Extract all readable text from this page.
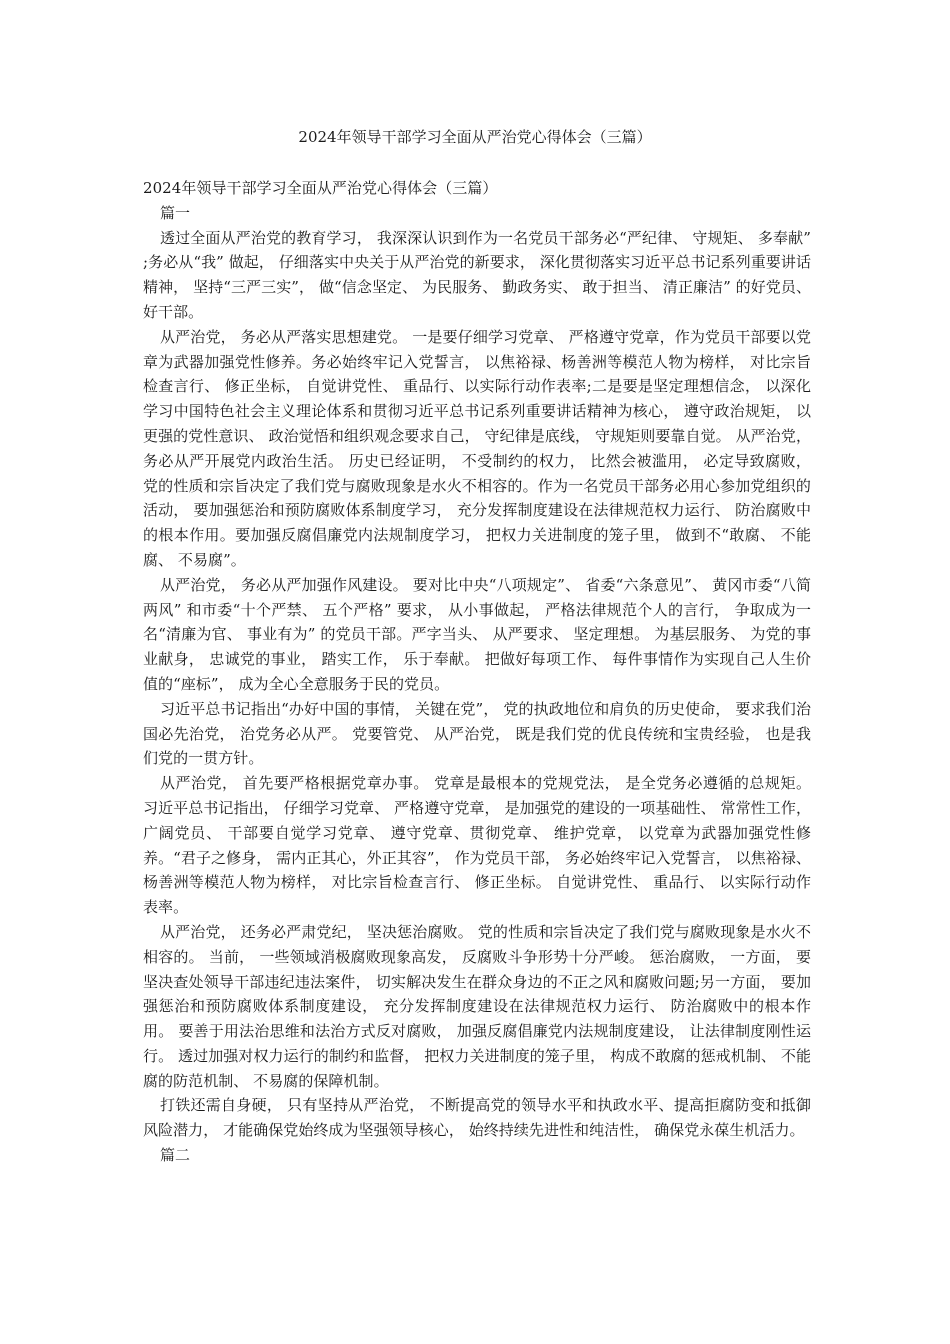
2024年领导干部学习全面从严治党心得体会（三篇）

2024年领导干部学习全面从严治党心得体会（三篇）

篇一

透过全面从严治党的教育学习， 我深深认识到作为一名党员干部务必“严纪律、 守规矩、 多奉献” ;务必从“我” 做起， 仔细落实中央关于从严治党的新要求， 深化贯彻落实习近平总书记系列重要讲话精神， 坚持“三严三实”， 做“信念坚定、 为民服务、 勤政务实、 敢于担当、 清正廉洁” 的好党员、 好干部。

从严治党， 务必从严落实思想建党。 一是要仔细学习党章、 严格遵守党章，作为党员干部要以党章为武器加强党性修养。务必始终牢记入党誓言， 以焦裕禄、杨善洲等模范人物为榜样， 对比宗旨检查言行、 修正坐标， 自觉讲党性、 重品行、以实际行动作表率;二是要是坚定理想信念， 以深化学习中国特色社会主义理论体系和贯彻习近平总书记系列重要讲话精神为核心， 遵守政治规矩， 以更强的党性意识、 政治觉悟和组织观念要求自己， 守纪律是底线， 守规矩则要靠自觉。 从严治党， 务必从严开展党内政治生活。 历史已经证明， 不受制约的权力， 比然会被滥用， 必定导致腐败， 党的性质和宗旨决定了我们党与腐败现象是水火不相容的。作为一名党员干部务必用心参加党组织的活动， 要加强惩治和预防腐败体系制度学习， 充分发挥制度建设在法律规范权力运行、 防治腐败中的根本作用。要加强反腐倡廉党内法规制度学习， 把权力关进制度的笼子里， 做到不“敢腐、 不能腐、 不易腐”。

从严治党， 务必从严加强作风建设。 要对比中央“八项规定”、 省委“六条意见”、 黄冈市委“八简两风” 和市委“十个严禁、 五个严格” 要求， 从小事做起， 严格法律规范个人的言行， 争取成为一名“清廉为官、 事业有为” 的党员干部。严字当头、 从严要求、 坚定理想。 为基层服务、 为党的事业献身， 忠诚党的事业， 踏实工作， 乐于奉献。 把做好每项工作、 每件事情作为实现自己人生价值的“座标”， 成为全心全意服务于民的党员。

习近平总书记指出“办好中国的事情， 关键在党”， 党的执政地位和肩负的历史使命， 要求我们治国必先治党， 治党务必从严。 党要管党、 从严治党， 既是我们党的优良传统和宝贵经验， 也是我们党的一贯方针。

从严治党， 首先要严格根据党章办事。 党章是最根本的党规党法， 是全党务必遵循的总规矩。 习近平总书记指出， 仔细学习党章、 严格遵守党章， 是加强党的建设的一项基础性、 常常性工作， 广阔党员、 干部要自觉学习党章、 遵守党章、贯彻党章、 维护党章， 以党章为武器加强党性修养。“君子之修身， 需内正其心，外正其容”， 作为党员干部， 务必始终牢记入党誓言， 以焦裕禄、 杨善洲等模范人物为榜样， 对比宗旨检查言行、 修正坐标。 自觉讲党性、 重品行、 以实际行动作表率。

从严治党， 还务必严肃党纪， 坚决惩治腐败。 党的性质和宗旨决定了我们党与腐败现象是水火不相容的。 当前， 一些领域消极腐败现象高发， 反腐败斗争形势十分严峻。 惩治腐败， 一方面， 要坚决查处领导干部违纪违法案件， 切实解决发生在群众身边的不正之风和腐败问题;另一方面， 要加强惩治和预防腐败体系制度建设， 充分发挥制度建设在法律规范权力运行、 防治腐败中的根本作用。 要善于用法治思维和法治方式反对腐败， 加强反腐倡廉党内法规制度建设， 让法律制度刚性运行。 透过加强对权力运行的制约和监督， 把权力关进制度的笼子里， 构成不敢腐的惩戒机制、 不能腐的防范机制、 不易腐的保障机制。

打铁还需自身硬， 只有坚持从严治党， 不断提高党的领导水平和执政水平、提高拒腐防变和抵御风险潜力， 才能确保党始终成为坚强领导核心， 始终持续先进性和纯洁性， 确保党永葆生机活力。

篇二
